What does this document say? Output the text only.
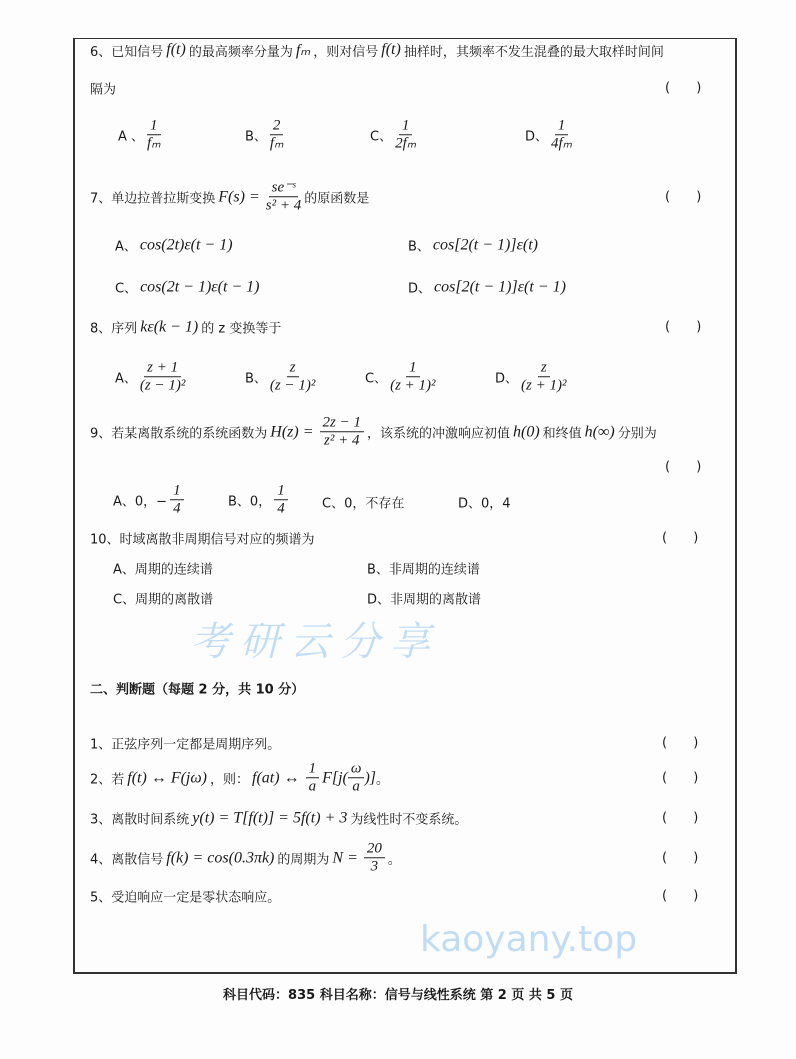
6、已知信号 f(t) 的最高频率分量为 fₘ ，则对信号 f(t) 抽样时，其频率不发生混叠的最大取样时间间
隔为	( )
A 、 $\frac{1}{\text{fₘ}}$	B、 $\frac{2}{\text{fₘ}}$	C、 $\frac{1}{\text{2fₘ}}$	D、 $\frac{1}{\text{4fₘ}}$
7、单边拉普拉斯变换 $F(s) = \frac{\text{se⁻ˢ}}{\text{s² + 4}}$ 的原函数是	( )
A、 cos(2t)ε(t − 1)	B、 cos[2(t − 1)]ε(t)
C、 cos(2t − 1)ε(t − 1)	D、 cos[2(t − 1)]ε(t − 1)
8、序列 kε(k − 1) 的 z 变换等于	( )
A、 $\frac{z + 1}{\text{(z − 1)²}}$	B、 $\frac{z}{\text{(z − 1)²}}$	C、 $\frac{1}{\text{(z + 1)²}}$	D、 $\frac{z}{\text{(z + 1)²}}$
9、若某离散系统的系统函数为 $H(z) = \frac{2z - 1}{\text{z² + 4}}$ ，该系统的冲激响应初值 h(0) 和终值 h(∞) 分别为
( )
A、0，− $\frac{1}{4}$	B、0， $\frac{1}{4}$	C、0，不存在	D、0，4
10、时域离散非周期信号对应的频谱为	( )
A、周期的连续谱	B、非周期的连续谱
C、周期的离散谱	D、非周期的离散谱
考研云分享
二、判断题（每题 2 分，共 10 分）
1、正弦序列一定都是周期序列。	( )
2、若 f(t) ↔ F(jω) ，则： f(at) ↔ $\frac{1}{a} F[j( \frac{\omega}{a}$ )] 。	( )
3、离散时间系统 y(t) = T[f(t)] = 5f(t) + 3 为线性时不变系统。	( )
4、离散信号 f(k) = cos(0.3πk) 的周期为 $N = \frac{20}{3}$ 。	( )
5、受迫响应一定是零状态响应。	( )
kaoyany.top
科目代码：835 科目名称：信号与线性系统 第 2 页 共 5 页
